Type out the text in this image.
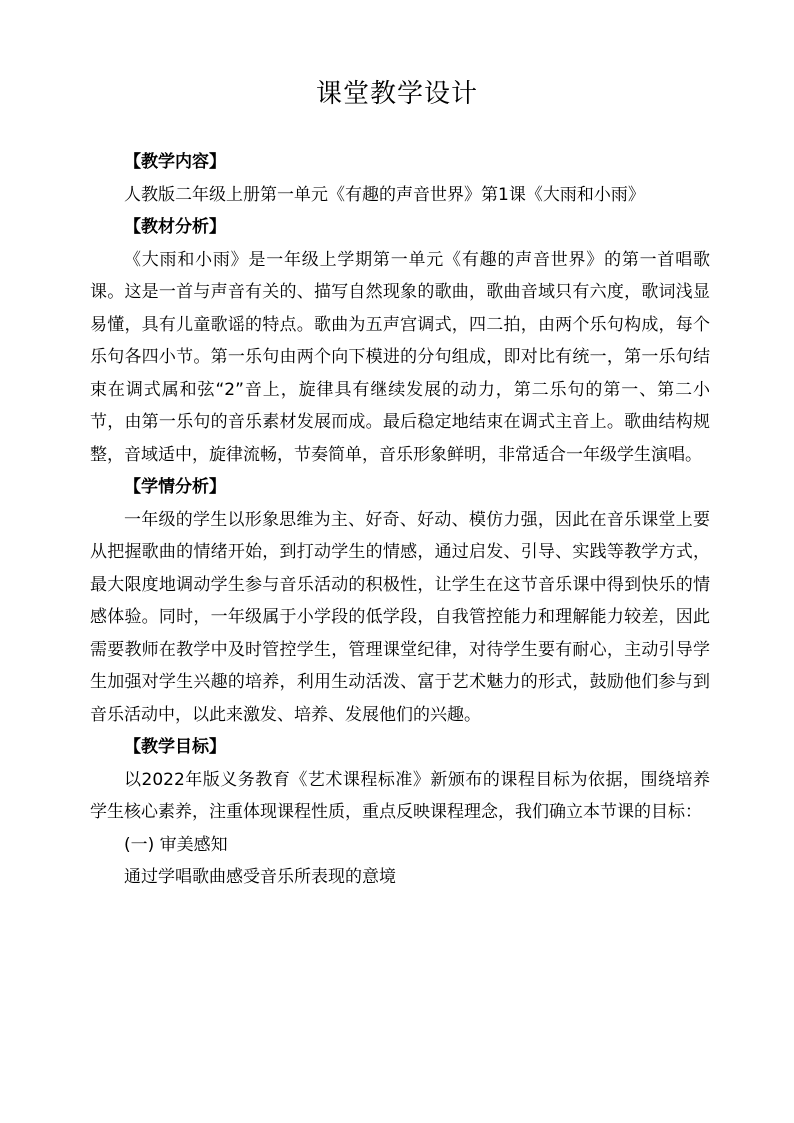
课堂教学设计
【教学内容】

人教版二年级上册第一单元《有趣的声音世界》第1课《大雨和小雨》

【教材分析】

《大雨和小雨》是一年级上学期第一单元《有趣的声音世界》的第一首唱歌课。这是一首与声音有关的、描写自然现象的歌曲，歌曲音域只有六度，歌词浅显易懂，具有儿童歌谣的特点。歌曲为五声宫调式，四二拍，由两个乐句构成，每个乐句各四小节。第一乐句由两个向下模进的分句组成，即对比有统一，第一乐句结束在调式属和弦“2”音上，旋律具有继续发展的动力，第二乐句的第一、第二小节，由第一乐句的音乐素材发展而成。最后稳定地结束在调式主音上。歌曲结构规整，音域适中，旋律流畅，节奏简单，音乐形象鲜明，非常适合一年级学生演唱。

【学情分析】

一年级的学生以形象思维为主、好奇、好动、模仿力强，因此在音乐课堂上要从把握歌曲的情绪开始，到打动学生的情感，通过启发、引导、实践等教学方式，最大限度地调动学生参与音乐活动的积极性，让学生在这节音乐课中得到快乐的情感体验。同时，一年级属于小学段的低学段，自我管控能力和理解能力较差，因此需要教师在教学中及时管控学生，管理课堂纪律，对待学生要有耐心，主动引导学生加强对学生兴趣的培养，利用生动活泼、富于艺术魅力的形式，鼓励他们参与到音乐活动中，以此来激发、培养、发展他们的兴趣。

【教学目标】

以2022年版义务教育《艺术课程标准》新颁布的课程目标为依据，围绕培养学生核心素养，注重体现课程性质，重点反映课程理念，我们确立本节课的目标：

(一) 审美感知
通过学唱歌曲感受音乐所表现的意境
